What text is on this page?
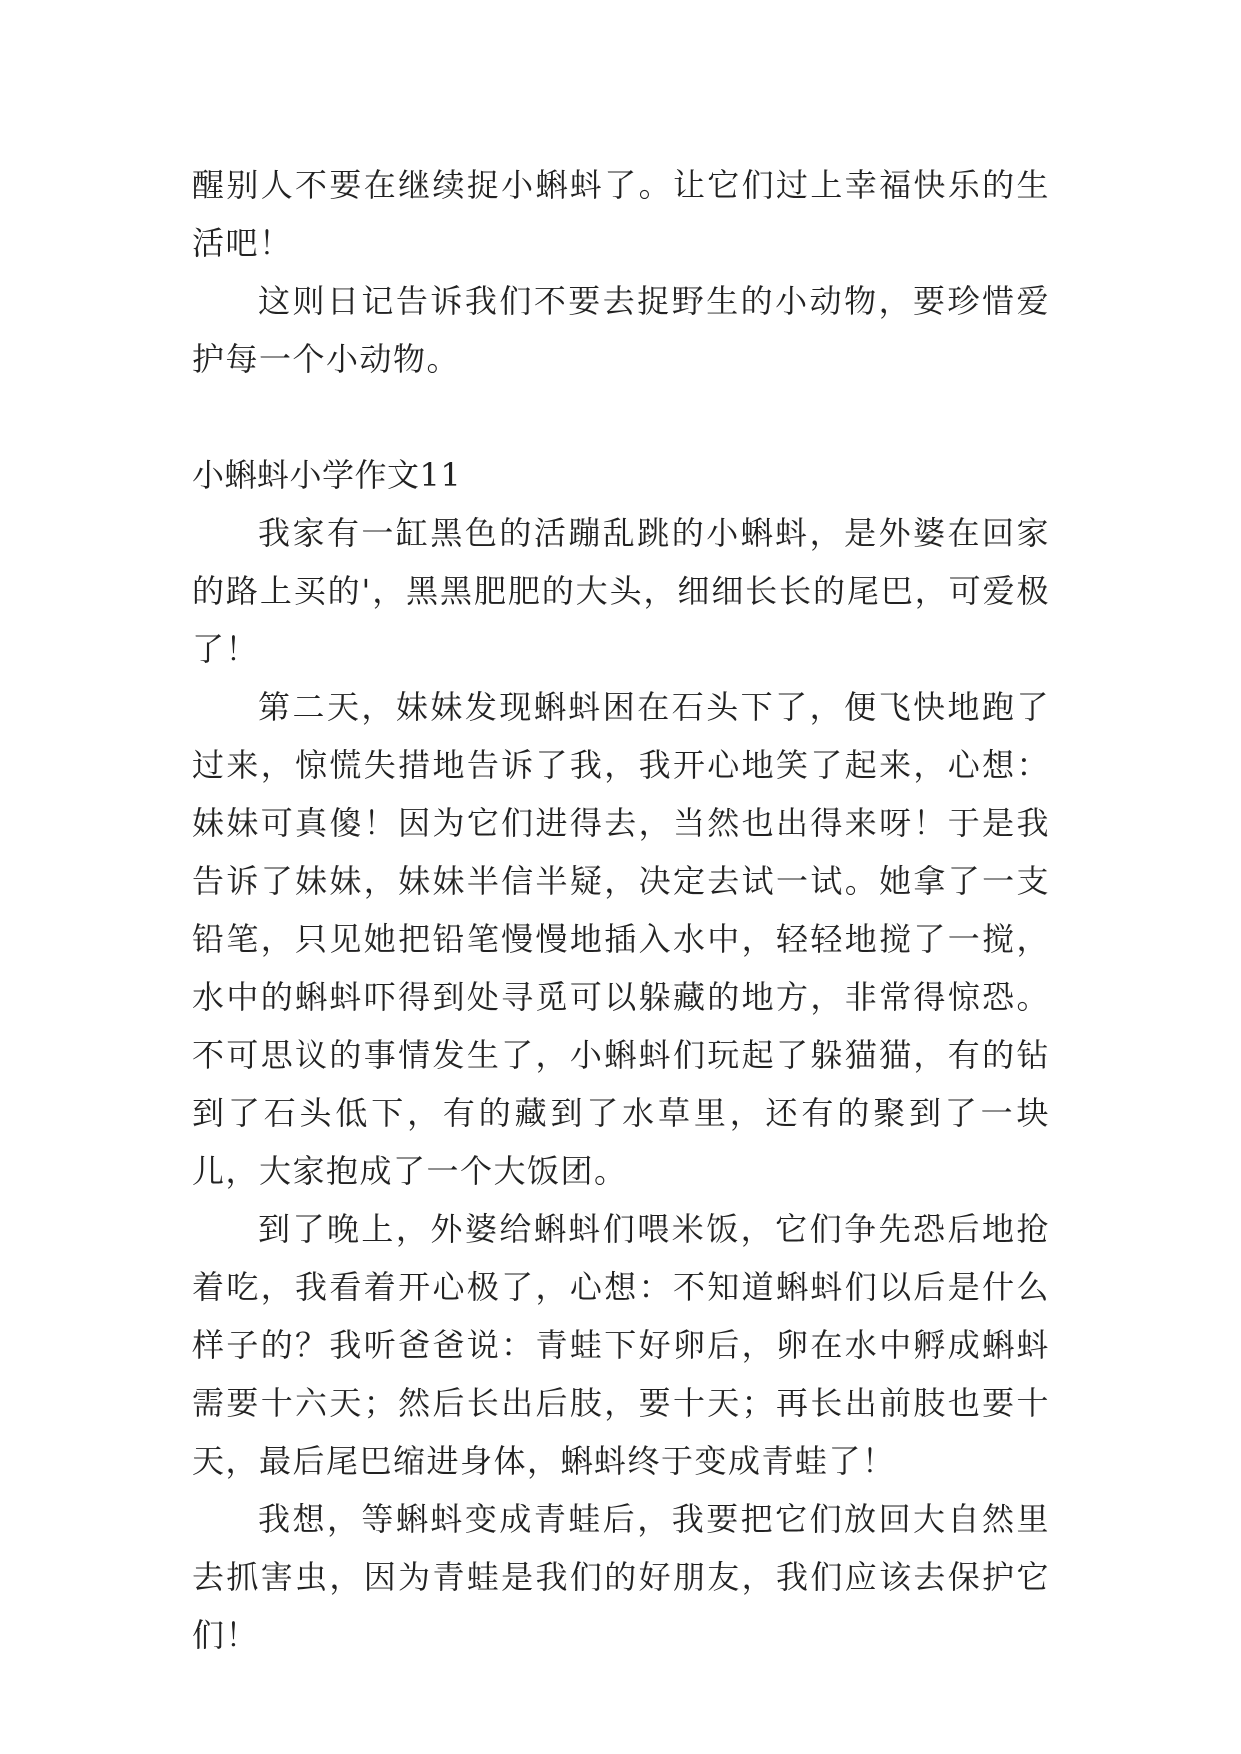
醒别人不要在继续捉小蝌蚪了。让它们过上幸福快乐的生活吧！

这则日记告诉我们不要去捉野生的小动物，要珍惜爱护每一个小动物。

小蝌蚪小学作文11

我家有一缸黑色的活蹦乱跳的小蝌蚪，是外婆在回家的路上买的'，黑黑肥肥的大头，细细长长的尾巴，可爱极了！

第二天，妹妹发现蝌蚪困在石头下了，便飞快地跑了过来，惊慌失措地告诉了我，我开心地笑了起来，心想：妹妹可真傻！因为它们进得去，当然也出得来呀！于是我告诉了妹妹，妹妹半信半疑，决定去试一试。她拿了一支铅笔，只见她把铅笔慢慢地插入水中，轻轻地搅了一搅，水中的蝌蚪吓得到处寻觅可以躲藏的地方，非常得惊恐。不可思议的事情发生了，小蝌蚪们玩起了躲猫猫，有的钻到了石头低下，有的藏到了水草里，还有的聚到了一块儿，大家抱成了一个大饭团。

到了晚上，外婆给蝌蚪们喂米饭，它们争先恐后地抢着吃，我看着开心极了，心想：不知道蝌蚪们以后是什么样子的？我听爸爸说：青蛙下好卵后，卵在水中孵成蝌蚪需要十六天；然后长出后肢，要十天；再长出前肢也要十天，最后尾巴缩进身体，蝌蚪终于变成青蛙了！

我想，等蝌蚪变成青蛙后，我要把它们放回大自然里去抓害虫，因为青蛙是我们的好朋友，我们应该去保护它们！
